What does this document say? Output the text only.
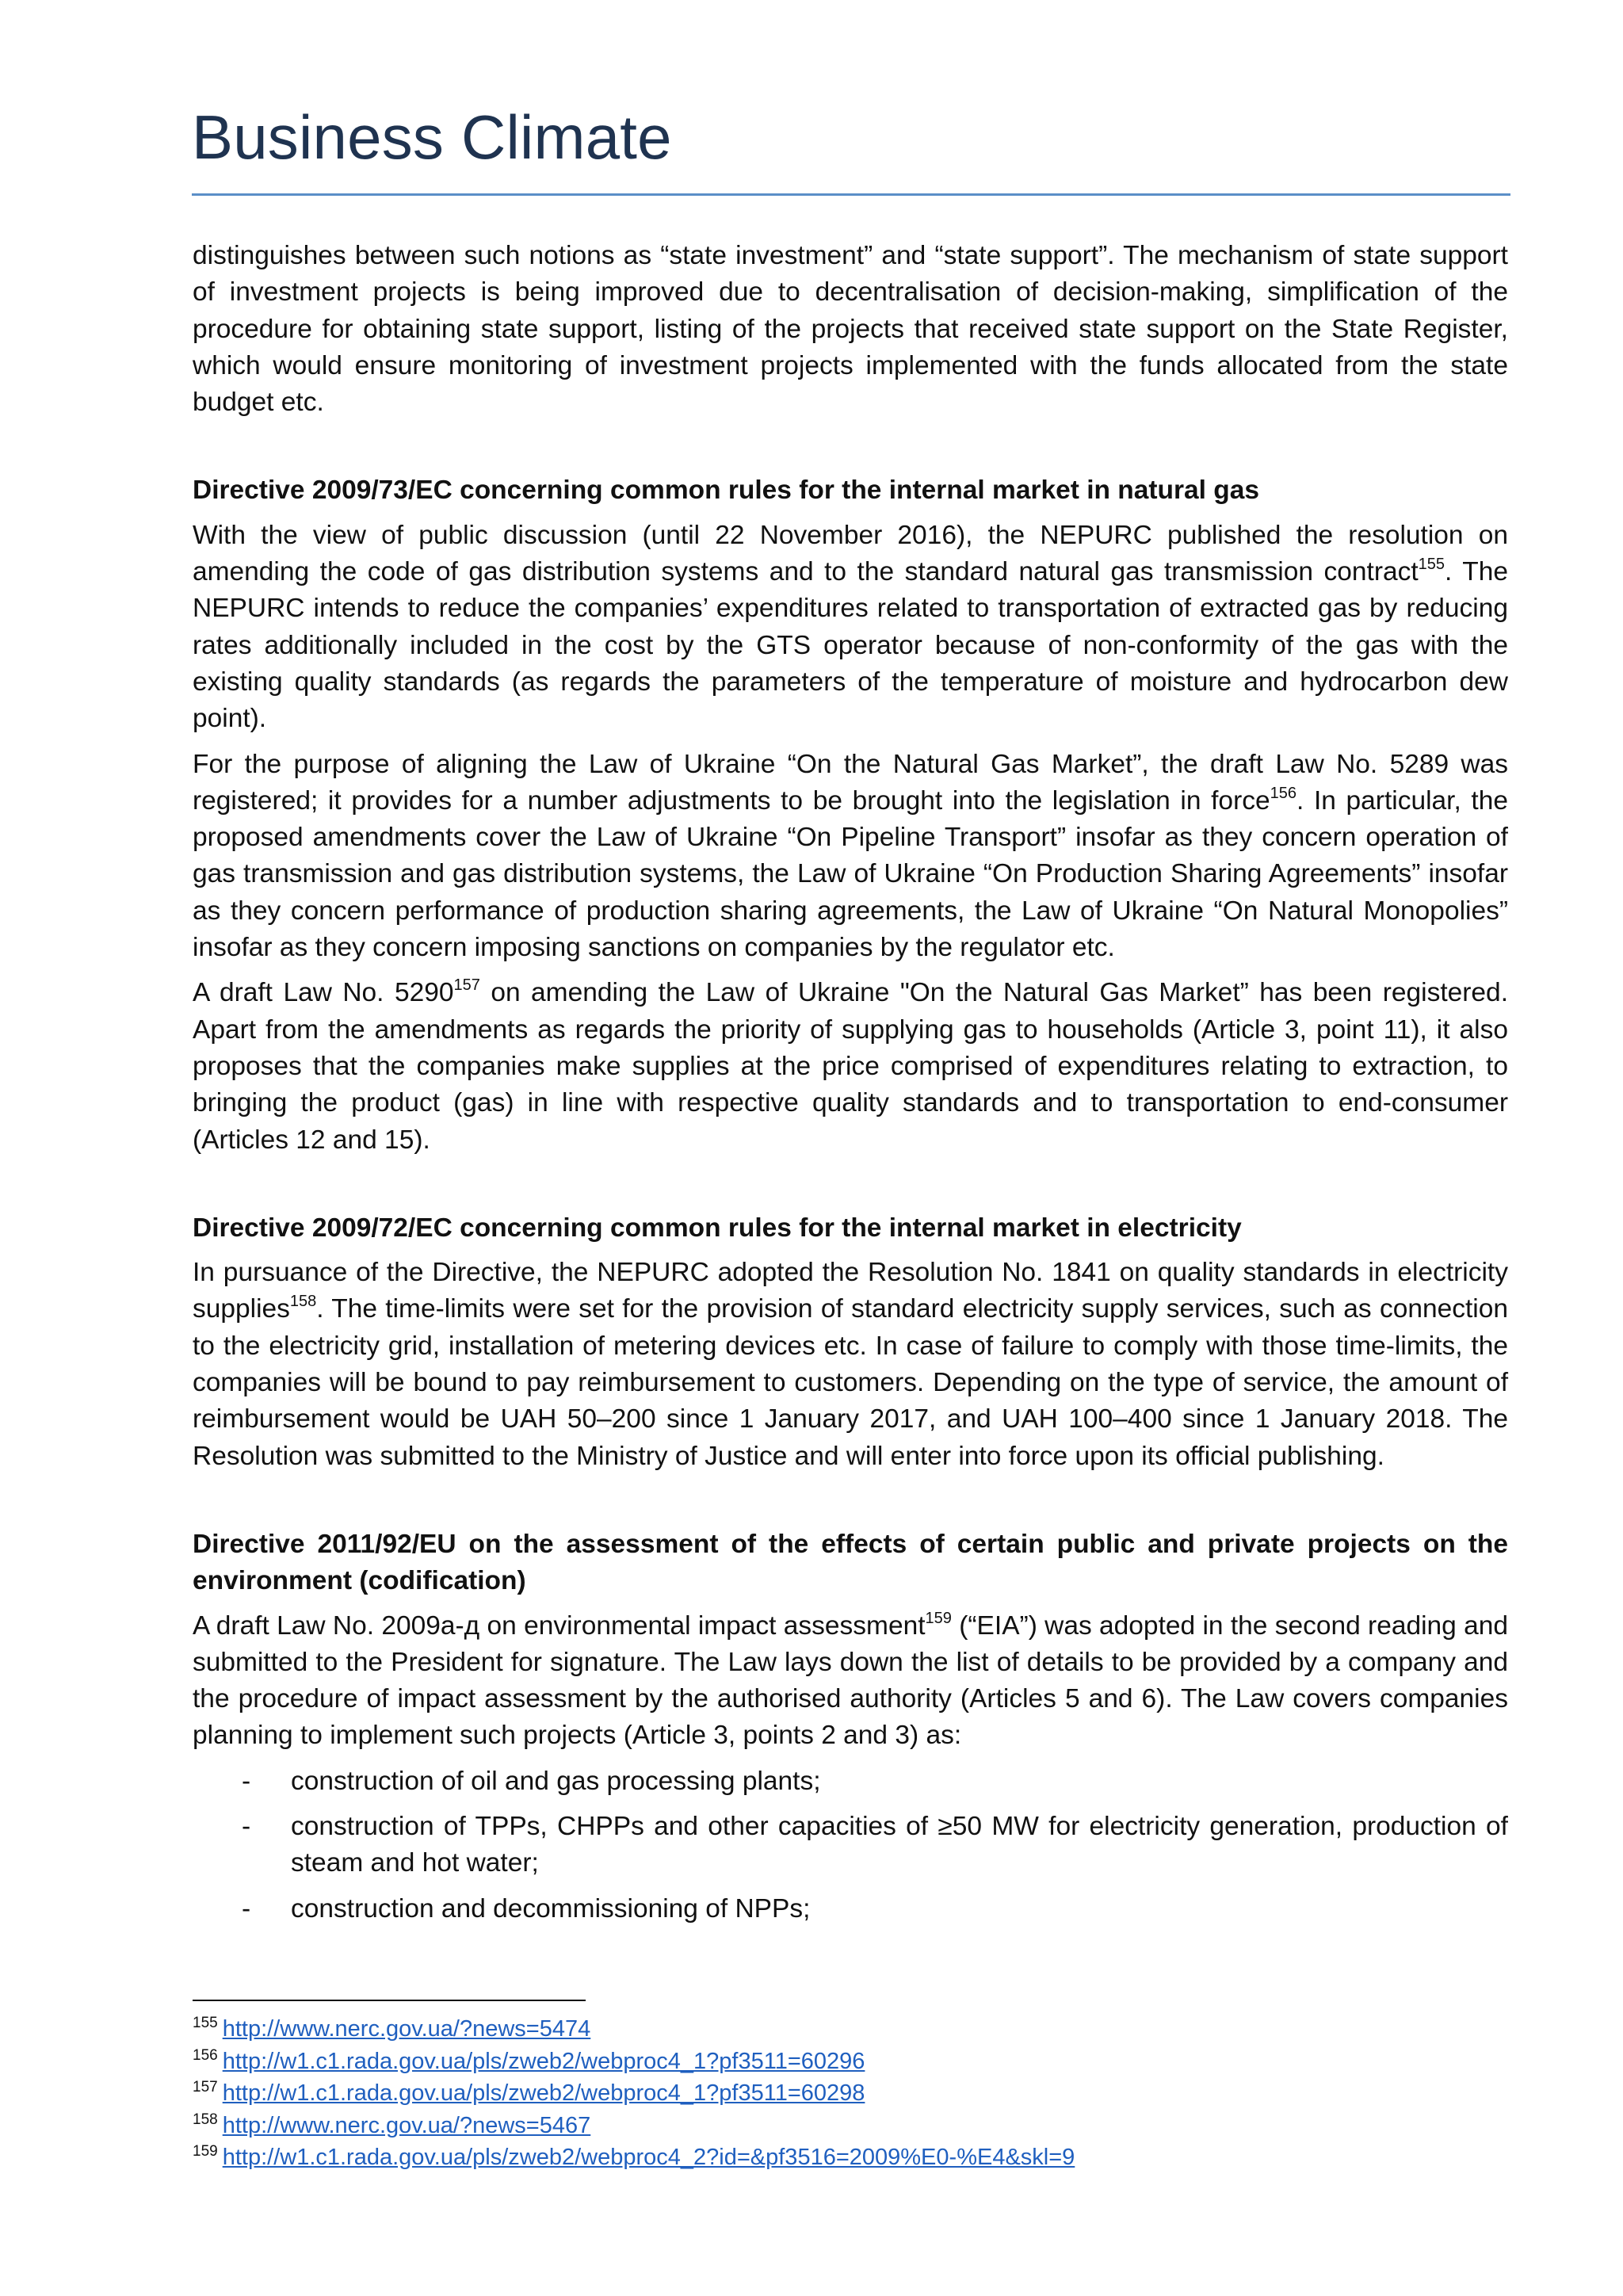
Business Climate

distinguishes between such notions as “state investment” and “state support”. The mechanism of state support of investment projects is being improved due to decentralisation of decision-making, simplification of the procedure for obtaining state support, listing of the projects that received state support on the State Register, which would ensure monitoring of investment projects implemented with the funds allocated from the state budget etc.

Directive 2009/73/EC concerning common rules for the internal market in natural gas

With the view of public discussion (until 22 November 2016), the NEPURC published the resolution on amending the code of gas distribution systems and to the standard natural gas transmission contract$^{155}$. The NEPURC intends to reduce the companies’ expenditures related to transportation of extracted gas by reducing rates additionally included in the cost by the GTS operator because of non-conformity of the gas with the existing quality standards (as regards the parameters of the temperature of moisture and hydrocarbon dew point).

For the purpose of aligning the Law of Ukraine “On the Natural Gas Market”, the draft Law No. 5289 was registered; it provides for a number adjustments to be brought into the legislation in force$^{156}$. In particular, the proposed amendments cover the Law of Ukraine “On Pipeline Transport” insofar as they concern operation of gas transmission and gas distribution systems, the Law of Ukraine “On Production Sharing Agreements” insofar as they concern performance of production sharing agreements, the Law of Ukraine “On Natural Monopolies” insofar as they concern imposing sanctions on companies by the regulator etc.

A draft Law No. 5290$^{157}$ on amending the Law of Ukraine "On the Natural Gas Market” has been registered. Apart from the amendments as regards the priority of supplying gas to households (Article 3, point 11), it also proposes that the companies make supplies at the price comprised of expenditures relating to extraction, to bringing the product (gas) in line with respective quality standards and to transportation to end-consumer (Articles 12 and 15).

Directive 2009/72/EC concerning common rules for the internal market in electricity

In pursuance of the Directive, the NEPURC adopted the Resolution No. 1841 on quality standards in electricity supplies$^{158}$. The time-limits were set for the provision of standard electricity supply services, such as connection to the electricity grid, installation of metering devices etc. In case of failure to comply with those time-limits, the companies will be bound to pay reimbursement to customers. Depending on the type of service, the amount of reimbursement would be UAH 50–200 since 1 January 2017, and UAH 100–400 since 1 January 2018. The Resolution was submitted to the Ministry of Justice and will enter into force upon its official publishing.

Directive 2011/92/EU on the assessment of the effects of certain public and private projects on the environment (codification)

A draft Law No. 2009а-д on environmental impact assessment$^{159}$ (“EIA”) was adopted in the second reading and submitted to the President for signature. The Law lays down the list of details to be provided by a company and the procedure of impact assessment by the authorised authority (Articles 5 and 6). The Law covers companies planning to implement such projects (Article 3, points 2 and 3) as:

- construction of oil and gas processing plants;
- construction of TPPs, CHPPs and other capacities of ≥50 MW for electricity generation, production of steam and hot water;
- construction and decommissioning of NPPs;
$^{155}$ http://www.nerc.gov.ua/?news=5474
$^{156}$ http://w1.c1.rada.gov.ua/pls/zweb2/webproc4_1?pf3511=60296
$^{157}$ http://w1.c1.rada.gov.ua/pls/zweb2/webproc4_1?pf3511=60298
$^{158}$ http://www.nerc.gov.ua/?news=5467
$^{159}$ http://w1.c1.rada.gov.ua/pls/zweb2/webproc4_2?id=&pf3516=2009%E0-%E4&skl=9
